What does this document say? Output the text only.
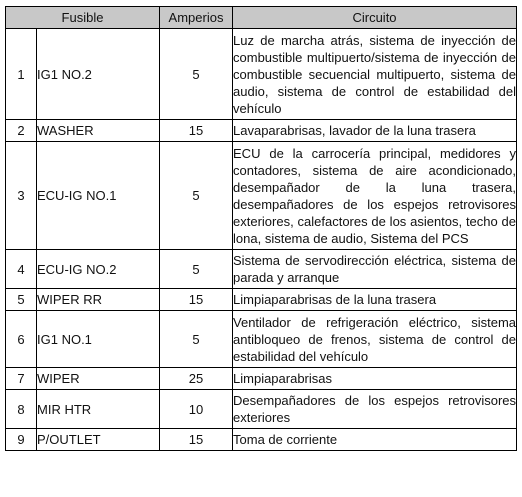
Fusible		Amperios	Circuito
1	IG1 NO.2	5	Luz de marcha atrás, sistema de inyección de combustible multipuerto/sistema de inyección de combustible secuencial multipuerto, sistema de audio, sistema de control de estabilidad del vehículo
2	WASHER	15	Lavaparabrisas, lavador de la luna trasera
3	ECU-IG NO.1	5	ECU de la carrocería principal, medidores y contadores, sistema de aire acondicionado, desempañador de la luna trasera, desempañadores de los espejos retrovisores exteriores, calefactores de los asientos, techo de lona, sistema de audio, Sistema del PCS
4	ECU-IG NO.2	5	Sistema de servodirección eléctrica, sistema de parada y arranque
5	WIPER RR	15	Limpiaparabrisas de la luna trasera
6	IG1 NO.1	5	Ventilador de refrigeración eléctrico, sistema antibloqueo de frenos, sistema de control de estabilidad del vehículo
7	WIPER	25	Limpiaparabrisas
8	MIR HTR	10	Desempañadores de los espejos retrovisores exteriores
9	P/OUTLET	15	Toma de corriente
